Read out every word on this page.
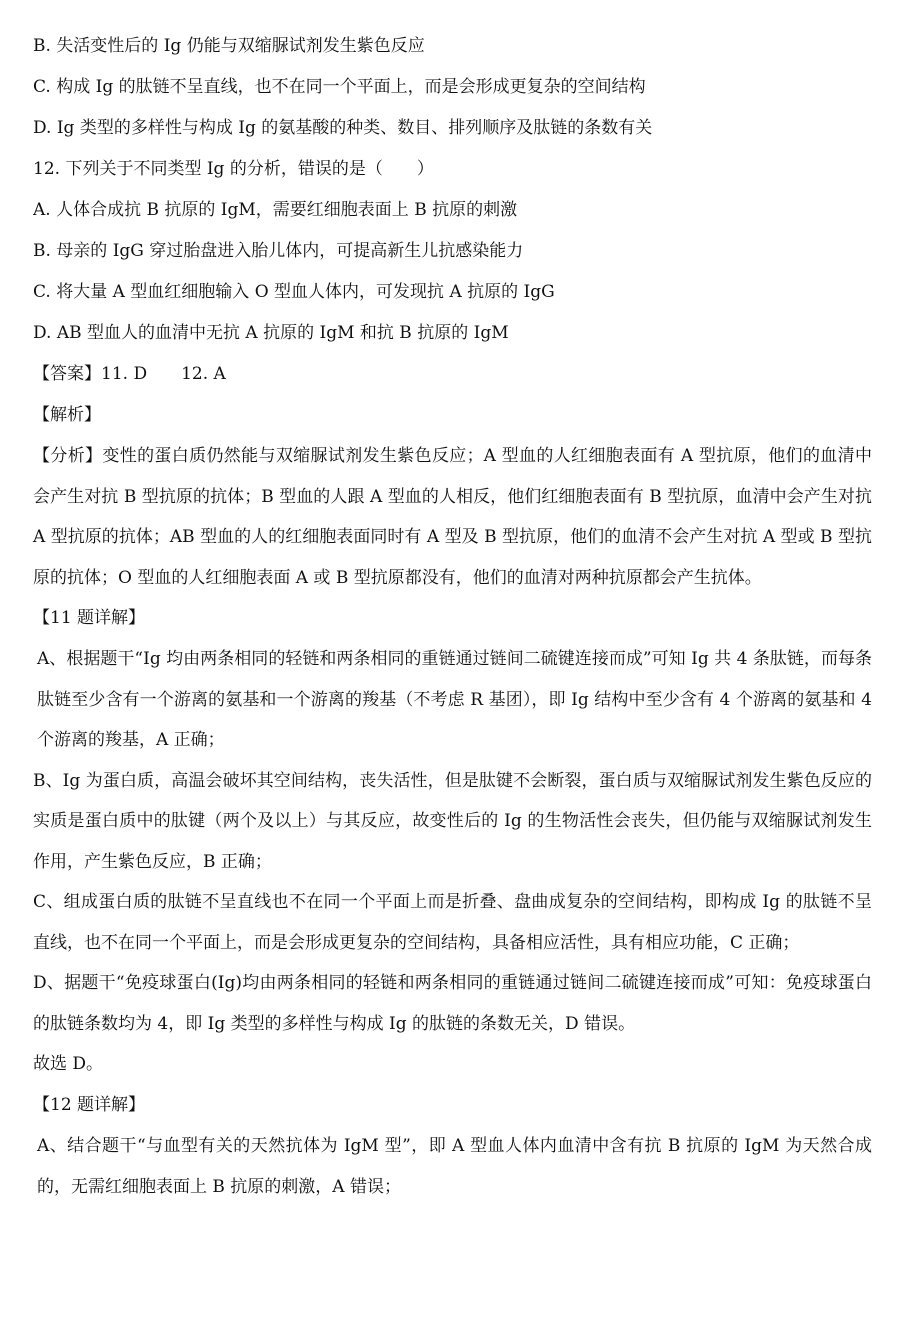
B. 失活变性后的 Ig 仍能与双缩脲试剂发生紫色反应
C. 构成 Ig 的肽链不呈直线，也不在同一个平面上，而是会形成更复杂的空间结构
D. Ig 类型的多样性与构成 Ig 的氨基酸的种类、数目、排列顺序及肽链的条数有关
12. 下列关于不同类型 Ig 的分析，错误的是（　　）
A. 人体合成抗 B 抗原的 IgM，需要红细胞表面上 B 抗原的刺激
B. 母亲的 IgG 穿过胎盘进入胎儿体内，可提高新生儿抗感染能力
C. 将大量 A 型血红细胞输入 O 型血人体内，可发现抗 A 抗原的 IgG
D. AB 型血人的血清中无抗 A 抗原的 IgM 和抗 B 抗原的 IgM
【答案】11. D　　12. A
【解析】
【分析】变性的蛋白质仍然能与双缩脲试剂发生紫色反应；A 型血的人红细胞表面有 A 型抗原，他们的血清中会产生对抗 B 型抗原的抗体；B 型血的人跟 A 型血的人相反，他们红细胞表面有 B 型抗原，血清中会产生对抗 A 型抗原的抗体；AB 型血的人的红细胞表面同时有 A 型及 B 型抗原，他们的血清不会产生对抗 A 型或 B 型抗原的抗体；O 型血的人红细胞表面 A 或 B 型抗原都没有，他们的血清对两种抗原都会产生抗体。
【11 题详解】
A、根据题干“Ig 均由两条相同的轻链和两条相同的重链通过链间二硫键连接而成”可知 Ig 共 4 条肽链，而每条肽链至少含有一个游离的氨基和一个游离的羧基（不考虑 R 基团），即 Ig 结构中至少含有 4 个游离的氨基和 4 个游离的羧基，A 正确；
B、Ig 为蛋白质，高温会破坏其空间结构，丧失活性，但是肽键不会断裂，蛋白质与双缩脲试剂发生紫色反应的实质是蛋白质中的肽键（两个及以上）与其反应，故变性后的 Ig 的生物活性会丧失，但仍能与双缩脲试剂发生作用，产生紫色反应，B 正确；
C、组成蛋白质的肽链不呈直线也不在同一个平面上而是折叠、盘曲成复杂的空间结构，即构成 Ig 的肽链不呈直线，也不在同一个平面上，而是会形成更复杂的空间结构，具备相应活性，具有相应功能，C 正确；
D、据题干“免疫球蛋白(Ig)均由两条相同的轻链和两条相同的重链通过链间二硫键连接而成”可知：免疫球蛋白的肽链条数均为 4，即 Ig 类型的多样性与构成 Ig 的肽链的条数无关，D 错误。
故选 D。
【12 题详解】
A、结合题干“与血型有关的天然抗体为 IgM 型”，即 A 型血人体内血清中含有抗 B 抗原的 IgM 为天然合成的，无需红细胞表面上 B 抗原的刺激，A 错误；
